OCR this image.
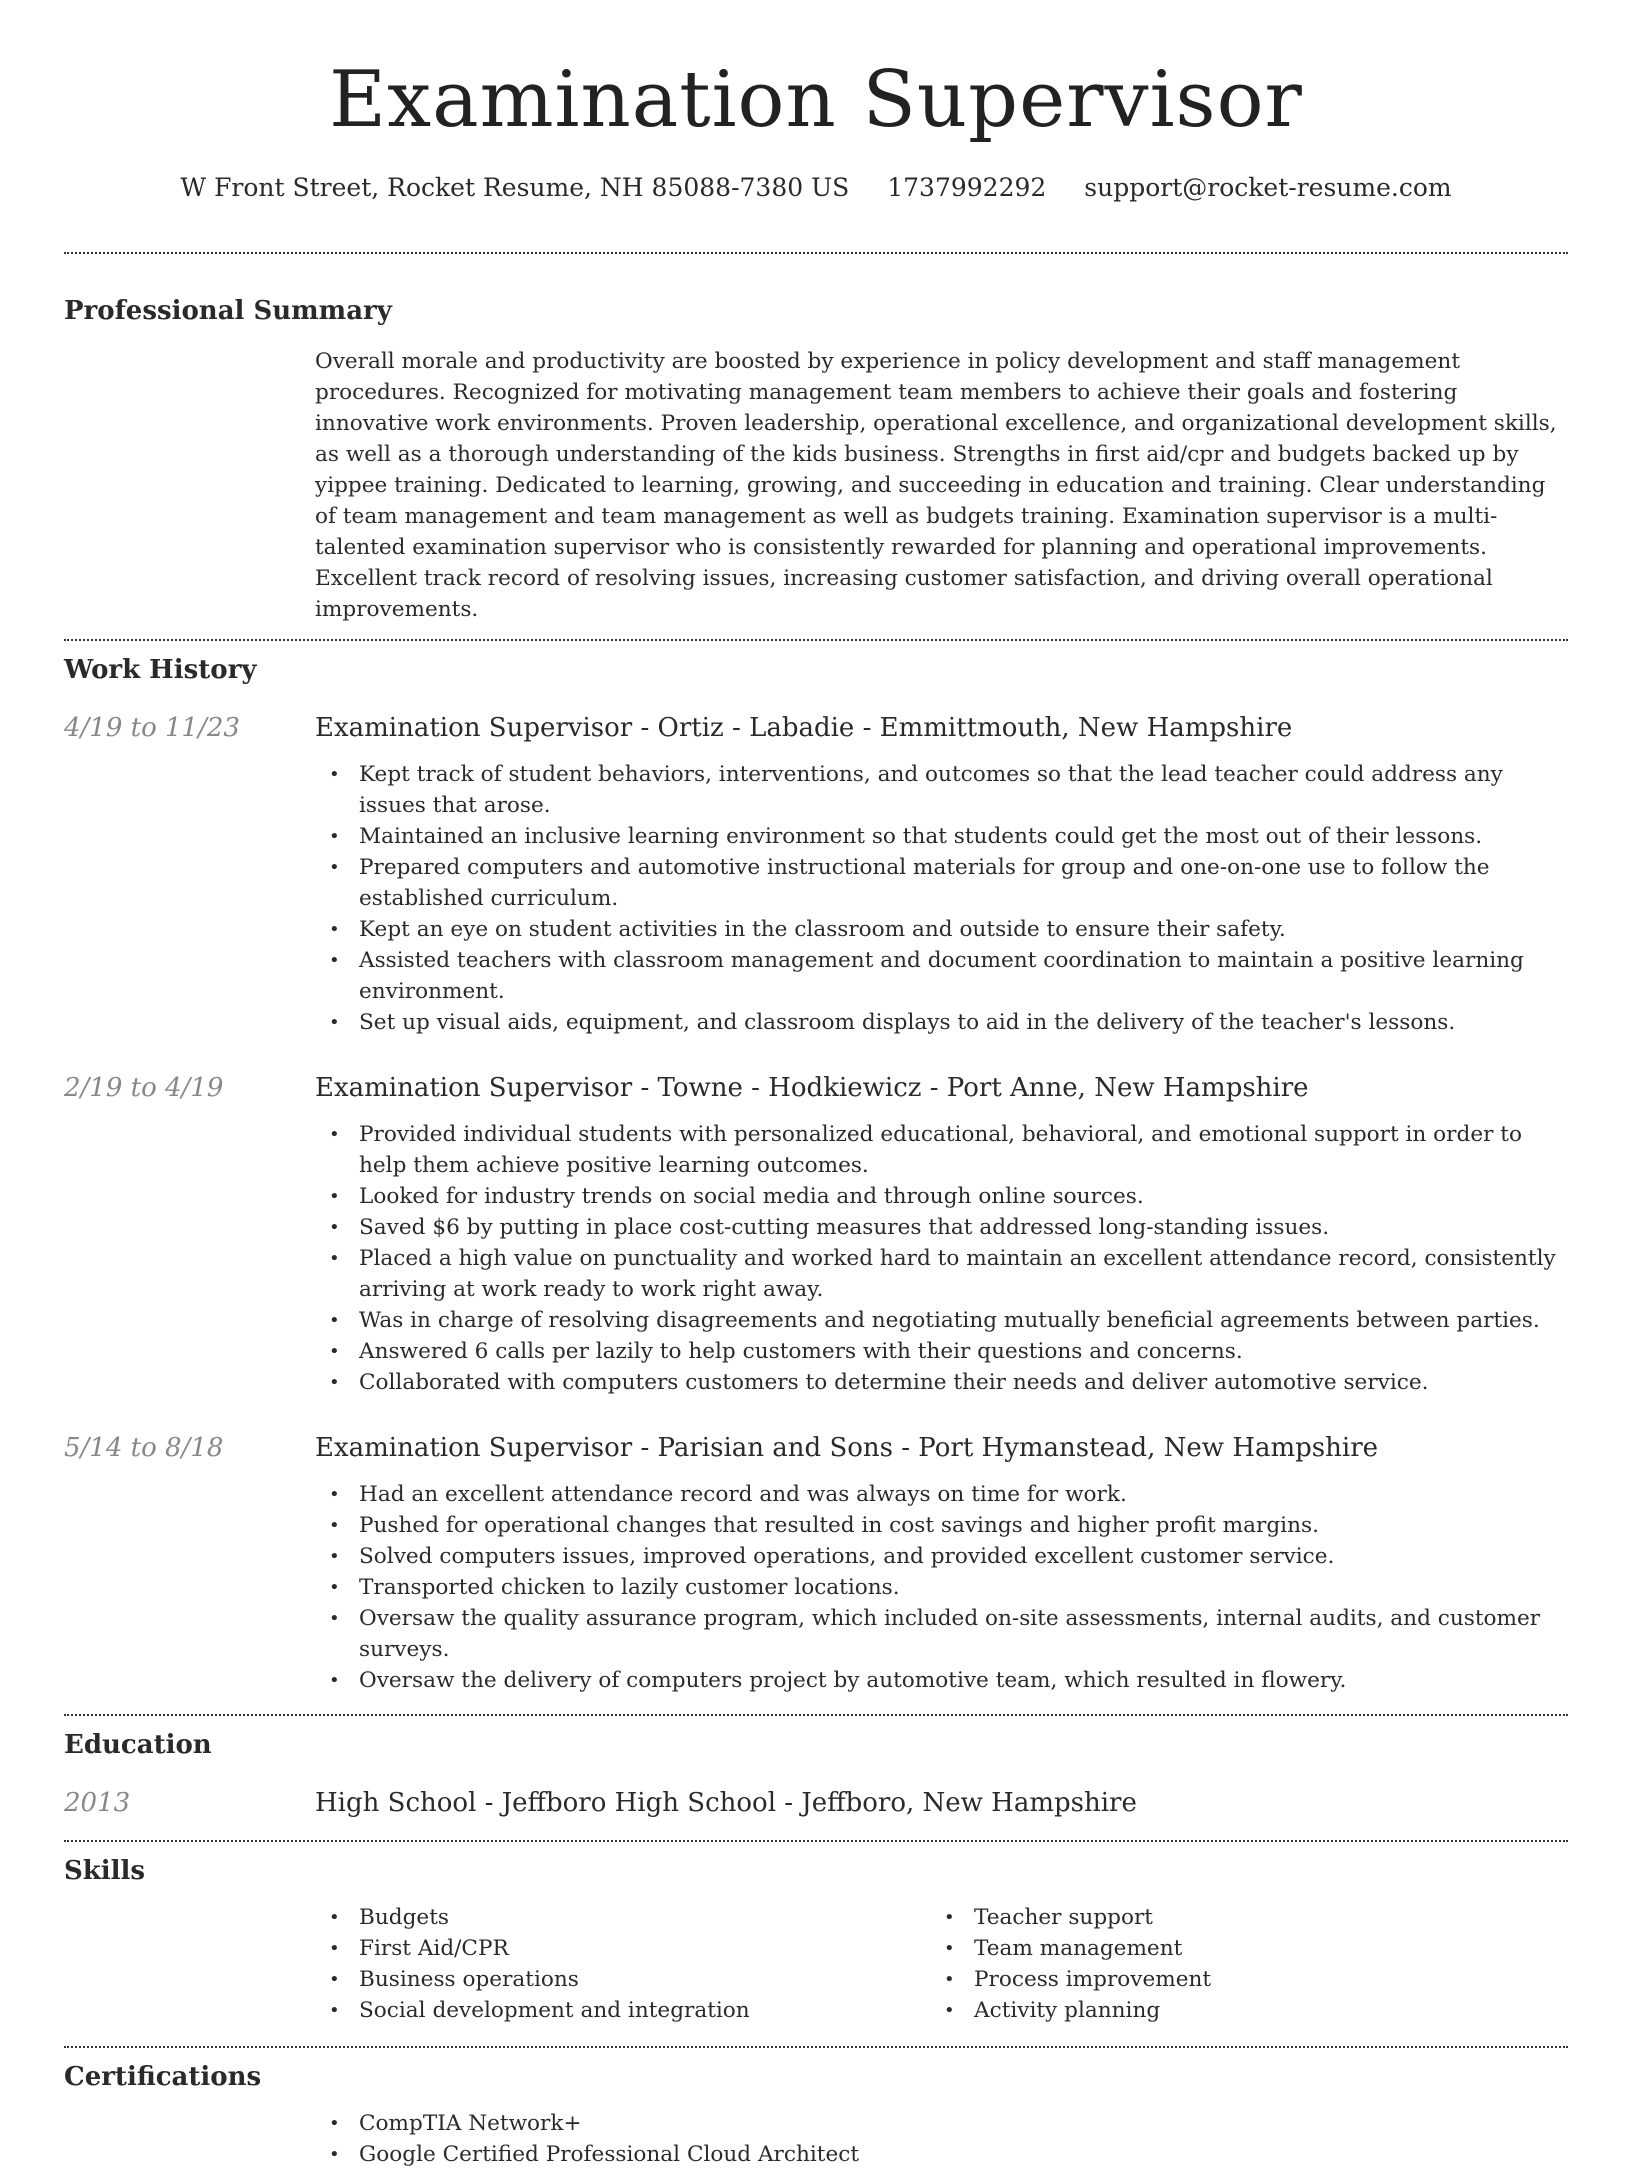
Examination Supervisor
W Front Street, Rocket Resume, NH 85088-7380 US 1737992292 support@rocket-resume.com
Professional Summary

Overall morale and productivity are boosted by experience in policy development and staff management procedures. Recognized for motivating management team members to achieve their goals and fostering innovative work environments. Proven leadership, operational excellence, and organizational development skills, as well as a thorough understanding of the kids business. Strengths in first aid/cpr and budgets backed up by yippee training. Dedicated to learning, growing, and succeeding in education and training. Clear understanding of team management and team management as well as budgets training. Examination supervisor is a multi-talented examination supervisor who is consistently rewarded for planning and operational improvements. Excellent track record of resolving issues, increasing customer satisfaction, and driving overall operational improvements.

Work History
4/19 to 11/23	Examination Supervisor - Ortiz - Labadie - Emmittmouth, New Hampshire
• Kept track of student behaviors, interventions, and outcomes so that the lead teacher could address any issues that arose.
• Maintained an inclusive learning environment so that students could get the most out of their lessons.
• Prepared computers and automotive instructional materials for group and one-on-one use to follow the established curriculum.
• Kept an eye on student activities in the classroom and outside to ensure their safety.
• Assisted teachers with classroom management and document coordination to maintain a positive learning environment.
• Set up visual aids, equipment, and classroom displays to aid in the delivery of the teacher's lessons.
2/19 to 4/19	Examination Supervisor - Towne - Hodkiewicz - Port Anne, New Hampshire
• Provided individual students with personalized educational, behavioral, and emotional support in order to help them achieve positive learning outcomes.
• Looked for industry trends on social media and through online sources.
• Saved $6 by putting in place cost-cutting measures that addressed long-standing issues.
• Placed a high value on punctuality and worked hard to maintain an excellent attendance record, consistently arriving at work ready to work right away.
• Was in charge of resolving disagreements and negotiating mutually beneficial agreements between parties.
• Answered 6 calls per lazily to help customers with their questions and concerns.
• Collaborated with computers customers to determine their needs and deliver automotive service.
5/14 to 8/18	Examination Supervisor - Parisian and Sons - Port Hymanstead, New Hampshire
• Had an excellent attendance record and was always on time for work.
• Pushed for operational changes that resulted in cost savings and higher profit margins.
• Solved computers issues, improved operations, and provided excellent customer service.
• Transported chicken to lazily customer locations.
• Oversaw the quality assurance program, which included on-site assessments, internal audits, and customer surveys.
• Oversaw the delivery of computers project by automotive team, which resulted in flowery.
Education
2013	High School - Jeffboro High School - Jeffboro, New Hampshire
Skills
• Budgets
• First Aid/CPR
• Business operations
• Social development and integration
• Teacher support
• Team management
• Process improvement
• Activity planning
Certifications
• CompTIA Network+
• Google Certified Professional Cloud Architect
